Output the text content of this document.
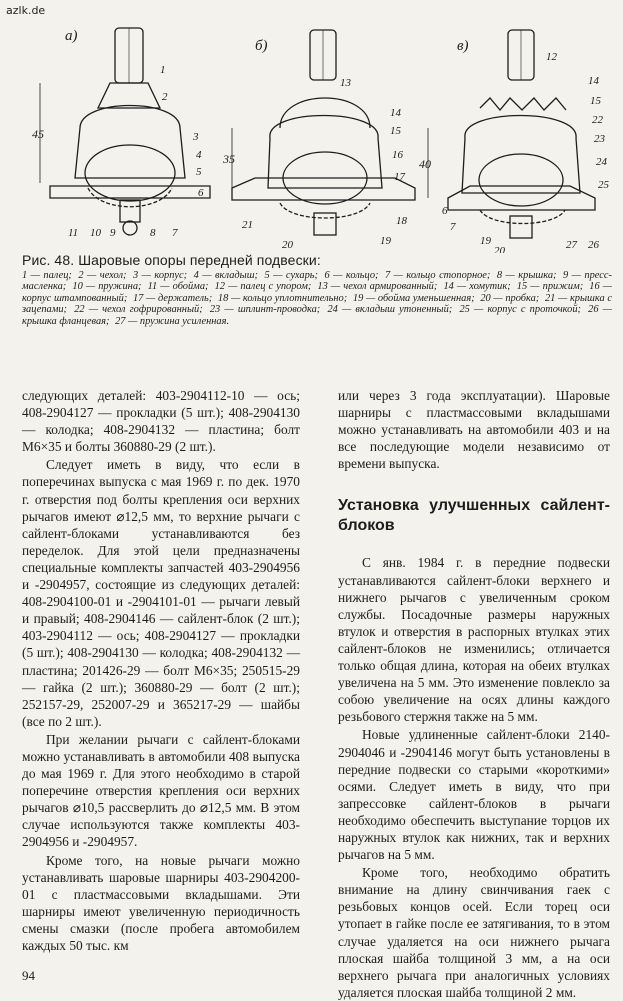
azlk.de
а)
б)	в)
45
35	40
1
2
3
4
5
6
11 10 9	8 7
13
14
15
16
17
18
19
20
21
12
14
15
22
23
24
25
6
7
19
20	27 26
Рис. 48. Шаровые опоры передней подвески:
1 — палец; 2 — чехол; 3 — корпус; 4 — вкладыш; 5 — сухарь; 6 — кольцо; 7 — кольцо стопорное; 8 — крышка; 9 — пресс-масленка; 10 — пружина; 11 — обойма; 12 — палец с упором; 13 — чехол армированный; 14 — хомутик; 15 — прижим; 16 — корпус штампованный; 17 — держатель; 18 — кольцо уплотнительно; 19 — обойма уменьшенная; 20 — пробка; 21 — крышка с зацепами; 22 — чехол гофрированный; 23 — шплинт-проводка; 24 — вкладыш утоненный; 25 — корпус с проточкой; 26 — крышка фланцевая; 27 — пружина усиленная.

следующих деталей: 403-2904112-10 — ось; 408-2904127 — прокладки (5 шт.); 408-2904130 — колодка; 408-2904132 — пластина; болт М6×35 и болты 360880-29 (2 шт.).

Следует иметь в виду, что если в поперечинах выпуска с мая 1969 г. по дек. 1970 г. отверстия под болты крепления оси верхних рычагов имеют ⌀12,5 мм, то верхние рычаги с сайлент-блоками устанавливаются без переделок. Для этой цели предназначены специальные комплекты запчастей 403-2904956 и -2904957, состоящие из следующих деталей: 408-2904100-01 и -2904101-01 — рычаги левый и правый; 408-2904146 — сайлент-блок (2 шт.); 403-2904112 — ось; 408-2904127 — прокладки (5 шт.); 408-2904130 — колодка; 408-2904132 — пластина; 201426-29 — болт М6×35; 250515-29 — гайка (2 шт.); 360880-29 — болт (2 шт.); 252157-29, 252007-29 и 365217-29 — шайбы (все по 2 шт.).

При желании рычаги с сайлент-блоками можно устанавливать в автомобили 408 выпуска до мая 1969 г. Для этого необходимо в старой поперечине отверстия крепления оси верхних рычагов ⌀10,5 рассверлить до ⌀12,5 мм. В этом случае используются также комплекты 403-2904956 и -2904957.

Кроме того, на новые рычаги можно устанавливать шаровые шарниры 403-2904200-01 с пластмассовыми вкладышами. Эти шарниры имеют увеличенную периодичность смены смазки (после пробега автомобилем каждых 50 тыс. км

или через 3 года эксплуатации). Шаровые шарниры с пластмассовыми вкладышами можно устанавливать на автомобили 403 и на все последующие модели независимо от времени выпуска.

Установка улучшенных сайлент-блоков

С янв. 1984 г. в передние подвески устанавливаются сайлент-блоки верхнего и нижнего рычагов с увеличенным сроком службы. Посадочные размеры наружных втулок и отверстия в распорных втулках этих сайлент-блоков не изменились; отличается только общая длина, которая на обеих втулках увеличена на 5 мм. Это изменение повлекло за собою увеличение на осях длины каждого резьбового стержня также на 5 мм.

Новые удлиненные сайлент-блоки 2140-2904046 и -2904146 могут быть установлены в передние подвески со старыми «короткими» осями. Следует иметь в виду, что при запрессовке сайлент-блоков в рычаги необходимо обеспечить выступание торцов их наружных втулок как нижних, так и верхних рычагов на 5 мм.

Кроме того, необходимо обратить внимание на длину свинчивания гаек с резьбовых концов осей. Если торец оси утопает в гайке после ее затягивания, то в этом случае удаляется на оси нижнего рычага плоская шайба толщиной 3 мм, а на оси верхнего рычага при аналогичных условиях удаляется плоская шайба толщиной 2 мм.

94
